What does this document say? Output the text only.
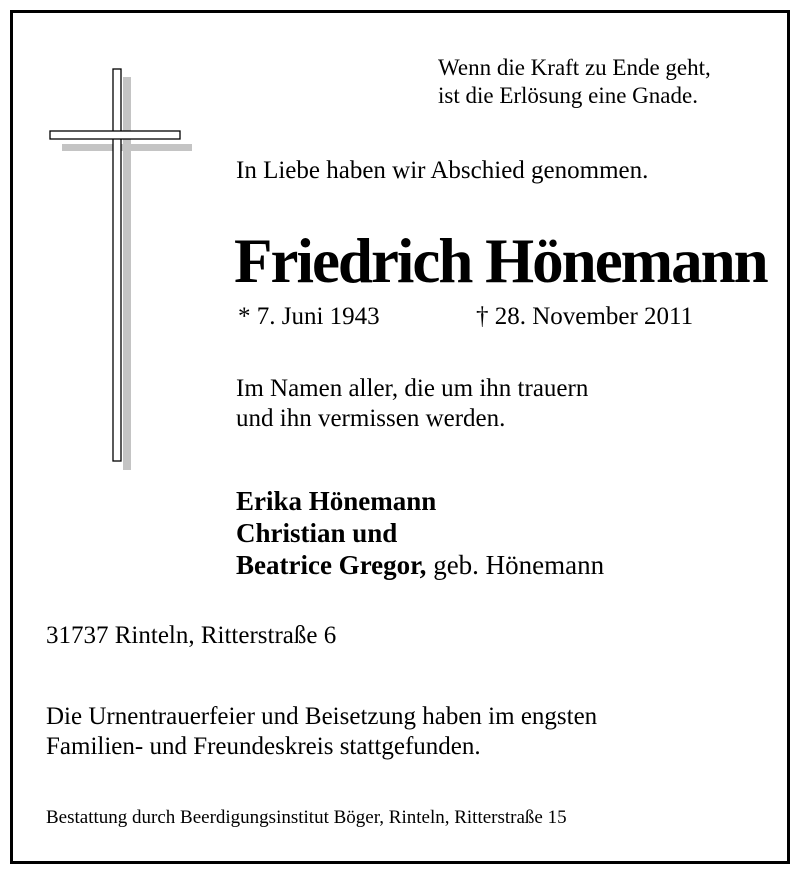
Wenn die Kraft zu Ende geht,
ist die Erlösung eine Gnade.
In Liebe haben wir Abschied genommen.
Friedrich Hönemann
* 7. Juni 1943	† 28. November 2011
Im Namen aller, die um ihn trauern
und ihn vermissen werden.
Erika Hönemann
Christian und
Beatrice Gregor, geb. Hönemann
31737 Rinteln, Ritterstraße 6
Die Urnentrauerfeier und Beisetzung haben im engsten
Familien- und Freundeskreis stattgefunden.
Bestattung durch Beerdigungsinstitut Böger, Rinteln, Ritterstraße 15
